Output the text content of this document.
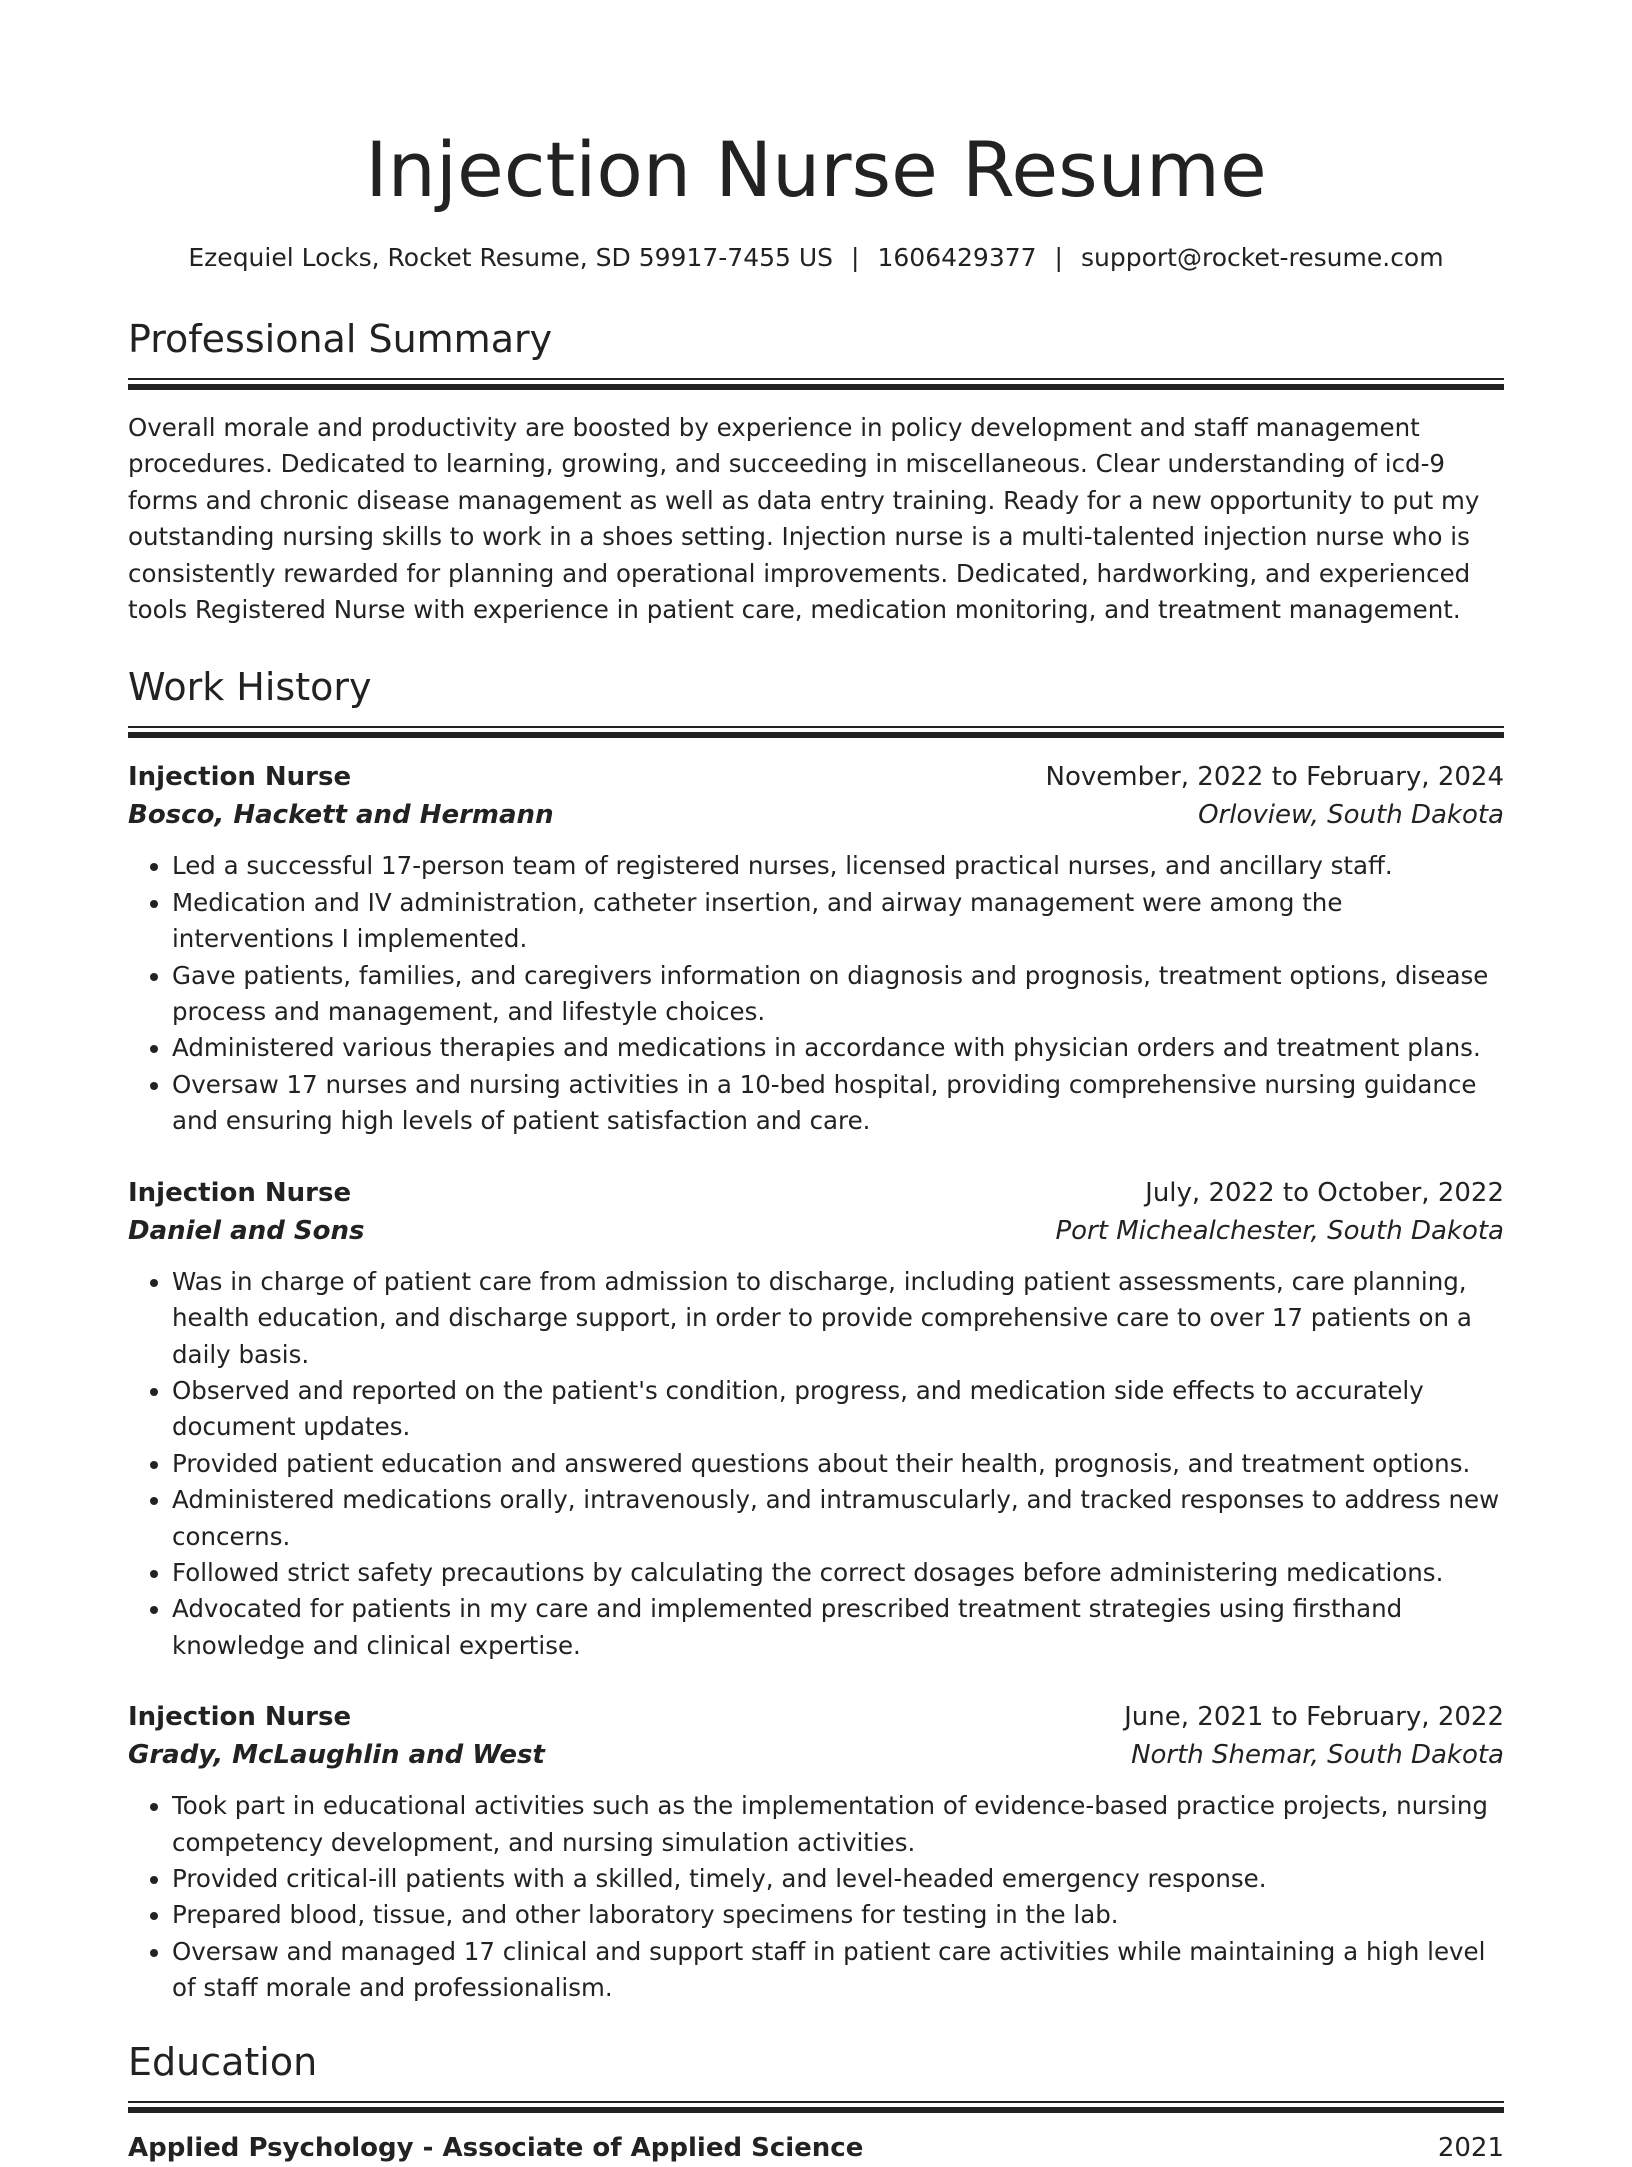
Injection Nurse Resume
Ezequiel Locks, Rocket Resume, SD 59917-7455 US | 1606429377 | support@rocket-resume.com
Professional Summary

Overall morale and productivity are boosted by experience in policy development and staff management procedures. Dedicated to learning, growing, and succeeding in miscellaneous. Clear understanding of icd-9 forms and chronic disease management as well as data entry training. Ready for a new opportunity to put my outstanding nursing skills to work in a shoes setting. Injection nurse is a multi-talented injection nurse who is consistently rewarded for planning and operational improvements. Dedicated, hardworking, and experienced tools Registered Nurse with experience in patient care, medication monitoring, and treatment management.

Work History
Injection Nurse	November, 2022 to February, 2024
Bosco, Hackett and Hermann	Orloview, South Dakota
• Led a successful 17-person team of registered nurses, licensed practical nurses, and ancillary staff.
• Medication and IV administration, catheter insertion, and airway management were among the interventions I implemented.
• Gave patients, families, and caregivers information on diagnosis and prognosis, treatment options, disease process and management, and lifestyle choices.
• Administered various therapies and medications in accordance with physician orders and treatment plans.
• Oversaw 17 nurses and nursing activities in a 10-bed hospital, providing comprehensive nursing guidance and ensuring high levels of patient satisfaction and care.
Injection Nurse	July, 2022 to October, 2022
Daniel and Sons	Port Michealchester, South Dakota
• Was in charge of patient care from admission to discharge, including patient assessments, care planning, health education, and discharge support, in order to provide comprehensive care to over 17 patients on a daily basis.
• Observed and reported on the patient's condition, progress, and medication side effects to accurately document updates.
• Provided patient education and answered questions about their health, prognosis, and treatment options.
• Administered medications orally, intravenously, and intramuscularly, and tracked responses to address new concerns.
• Followed strict safety precautions by calculating the correct dosages before administering medications.
• Advocated for patients in my care and implemented prescribed treatment strategies using firsthand knowledge and clinical expertise.
Injection Nurse	June, 2021 to February, 2022
Grady, McLaughlin and West	North Shemar, South Dakota
• Took part in educational activities such as the implementation of evidence-based practice projects, nursing competency development, and nursing simulation activities.
• Provided critical-ill patients with a skilled, timely, and level-headed emergency response.
• Prepared blood, tissue, and other laboratory specimens for testing in the lab.
• Oversaw and managed 17 clinical and support staff in patient care activities while maintaining a high level of staff morale and professionalism.
Education
Applied Psychology - Associate of Applied Science	2021
